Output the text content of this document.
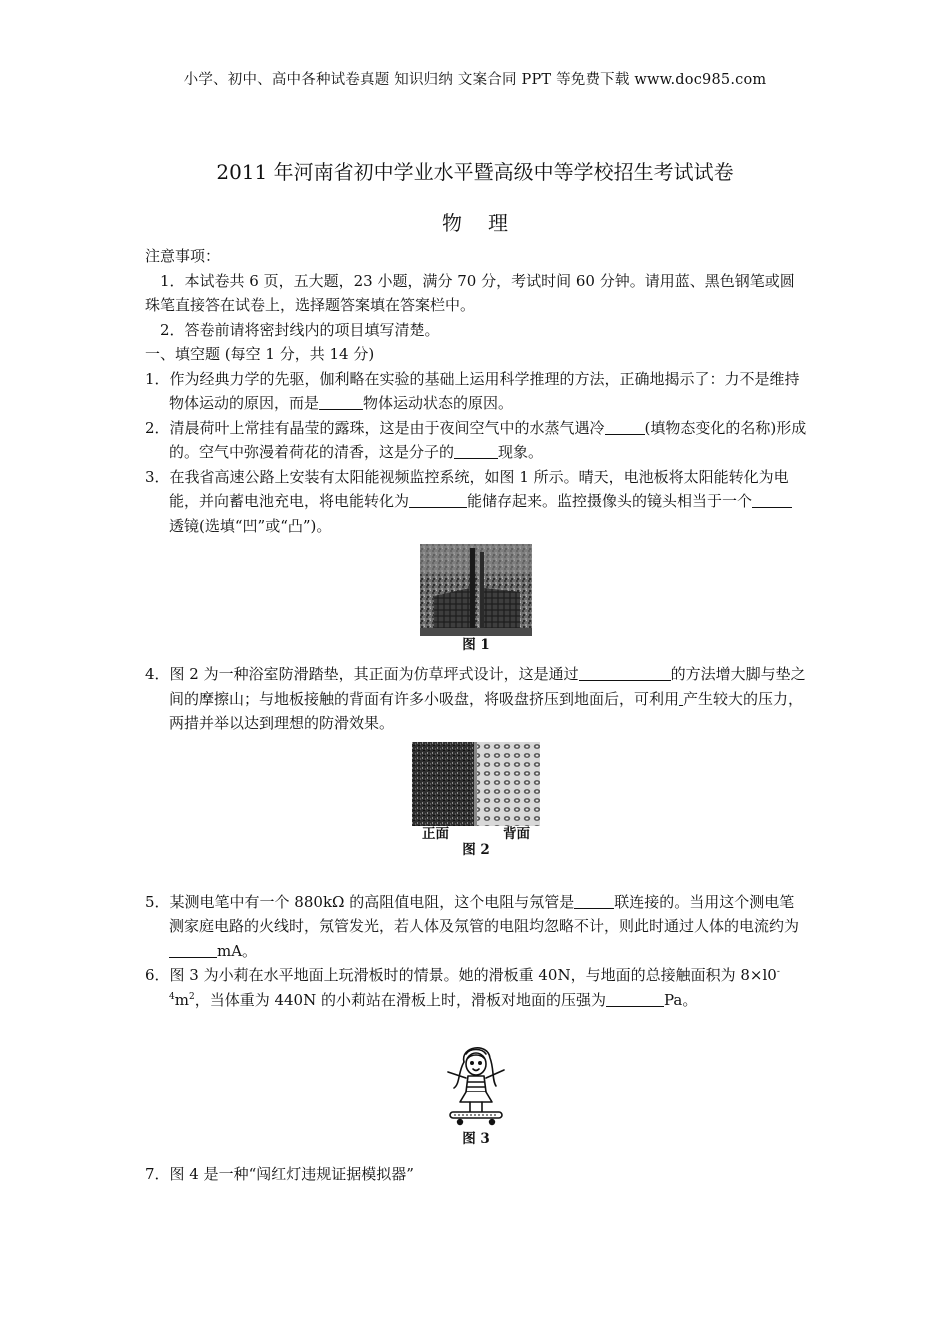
小学、初中、高中各种试卷真题 知识归纳 文案合同 PPT 等免费下载 www.doc985.com
2011 年河南省初中学业水平暨高级中等学校招生考试试卷
物理

注意事项：

1．本试卷共 6 页，五大题，23 小题，满分 70 分，考试时间 60 分钟。请用蓝、黑色钢笔或圆珠笔直接答在试卷上，选择题答案填在答案栏中。

2．答卷前请将密封线内的项目填写清楚。

一、填空题 (每空 1 分，共 14 分)

1．作为经典力学的先驱，伽利略在实验的基础上运用科学推理的方法，正确地揭示了：力不是维持物体运动的原因，而是	物体运动状态的原因。

2．清晨荷叶上常挂有晶莹的露珠，这是由于夜间空气中的水蒸气遇冷	(填物态变化的名称)形成的。空气中弥漫着荷花的清香，这是分子的	现象。

3．在我省高速公路上安装有太阳能视频监控系统，如图 1 所示。晴天，电池板将太阳能转化为电能，并向蓄电池充电，将电能转化为	能储存起来。监控摄像头的镜头相当于一个透镜(选填“凹”或“凸”)。

图 1

4．图 2 为一种浴室防滑踏垫，其正面为仿草坪式设计，这是通过	的方法增大脚与垫之间的摩擦山；与地板接触的背面有许多小吸盘，将吸盘挤压到地面后，可利用 产生较大的压力，两措并举以达到理想的防滑效果。

正面	背面
图 2

5．某测电笔中有一个 880kΩ 的高阻值电阻，这个电阻与氖管是	联连接的。当用这个测电笔测家庭电路的火线时，氖管发光，若人体及氖管的电阻均忽略不计，则此时通过人体的电流约为mA。

6．图 3 为小莉在水平地面上玩滑板时的情景。她的滑板重 40N，与地面的总接触面积为 $8\times l0^{-4}m^2$，当体重为 440N 的小莉站在滑板上时，滑板对地面的压强为	Pa。

图 3

7．图 4 是一种“闯红灯违规证据模拟器”
